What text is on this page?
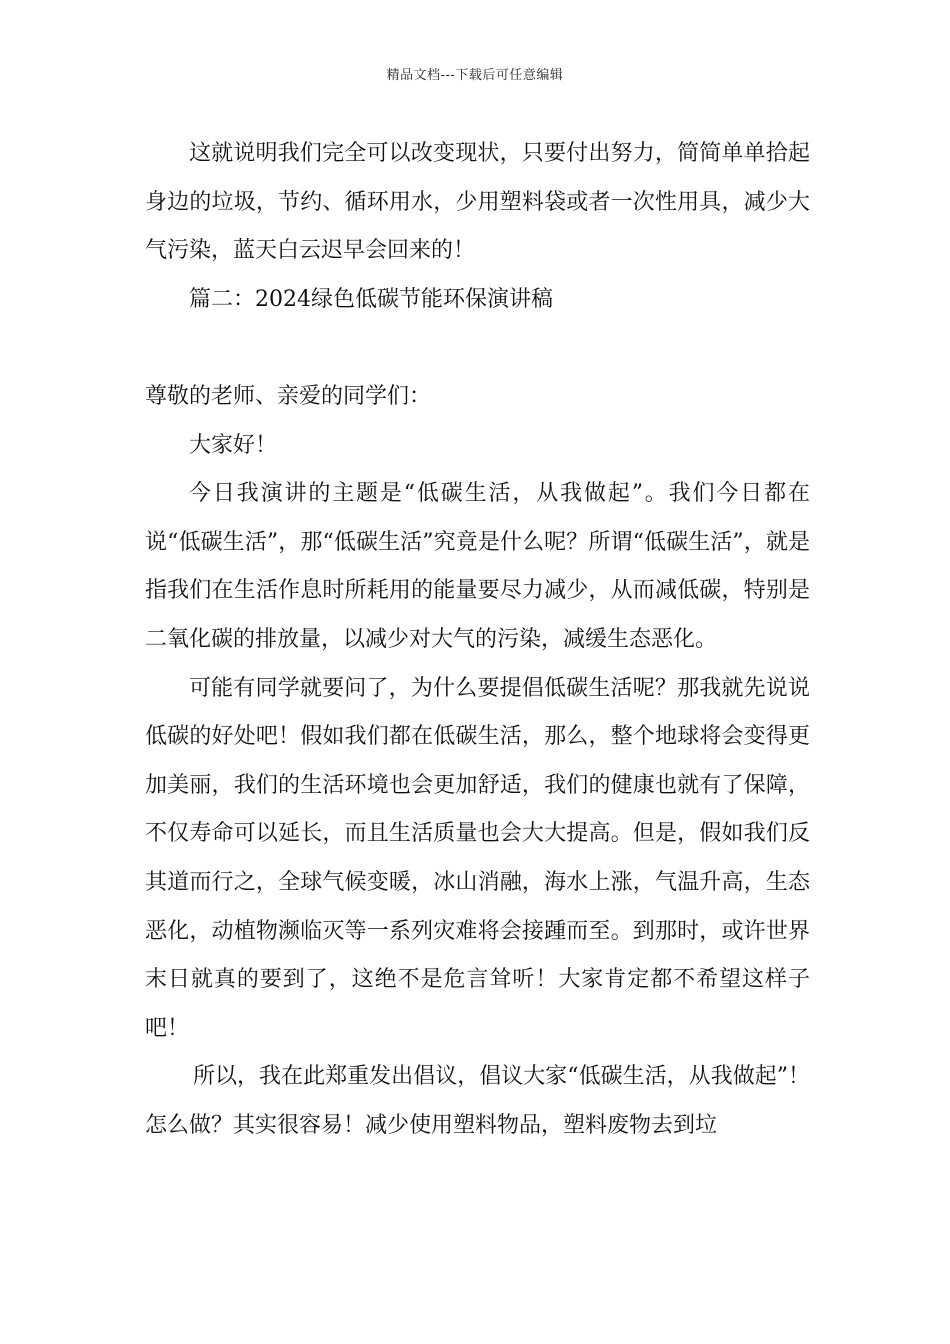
精品文档---下载后可任意编辑

这就说明我们完全可以改变现状，只要付出努力，简简单单拾起身边的垃圾，节约、循环用水，少用塑料袋或者一次性用具，减少大气污染，蓝天白云迟早会回来的！

篇二：2024绿色低碳节能环保演讲稿

尊敬的老师、亲爱的同学们：

大家好！

今日我演讲的主题是“低碳生活，从我做起”。我们今日都在说“低碳生活”，那“低碳生活”究竟是什么呢？所谓“低碳生活”，就是指我们在生活作息时所耗用的能量要尽力减少，从而减低碳，特别是二氧化碳的排放量，以减少对大气的污染，减缓生态恶化。

可能有同学就要问了，为什么要提倡低碳生活呢？那我就先说说低碳的好处吧！假如我们都在低碳生活，那么，整个地球将会变得更加美丽，我们的生活环境也会更加舒适，我们的健康也就有了保障，不仅寿命可以延长，而且生活质量也会大大提高。但是，假如我们反其道而行之，全球气候变暖，冰山消融，海水上涨，气温升高，生态恶化，动植物濒临灭等一系列灾难将会接踵而至。到那时，或许世界末日就真的要到了，这绝不是危言耸听！大家肯定都不希望这样子吧！

所以，我在此郑重发出倡议，倡议大家“低碳生活，从我做起”！怎么做？其实很容易！减少使用塑料物品，塑料废物去到垃
